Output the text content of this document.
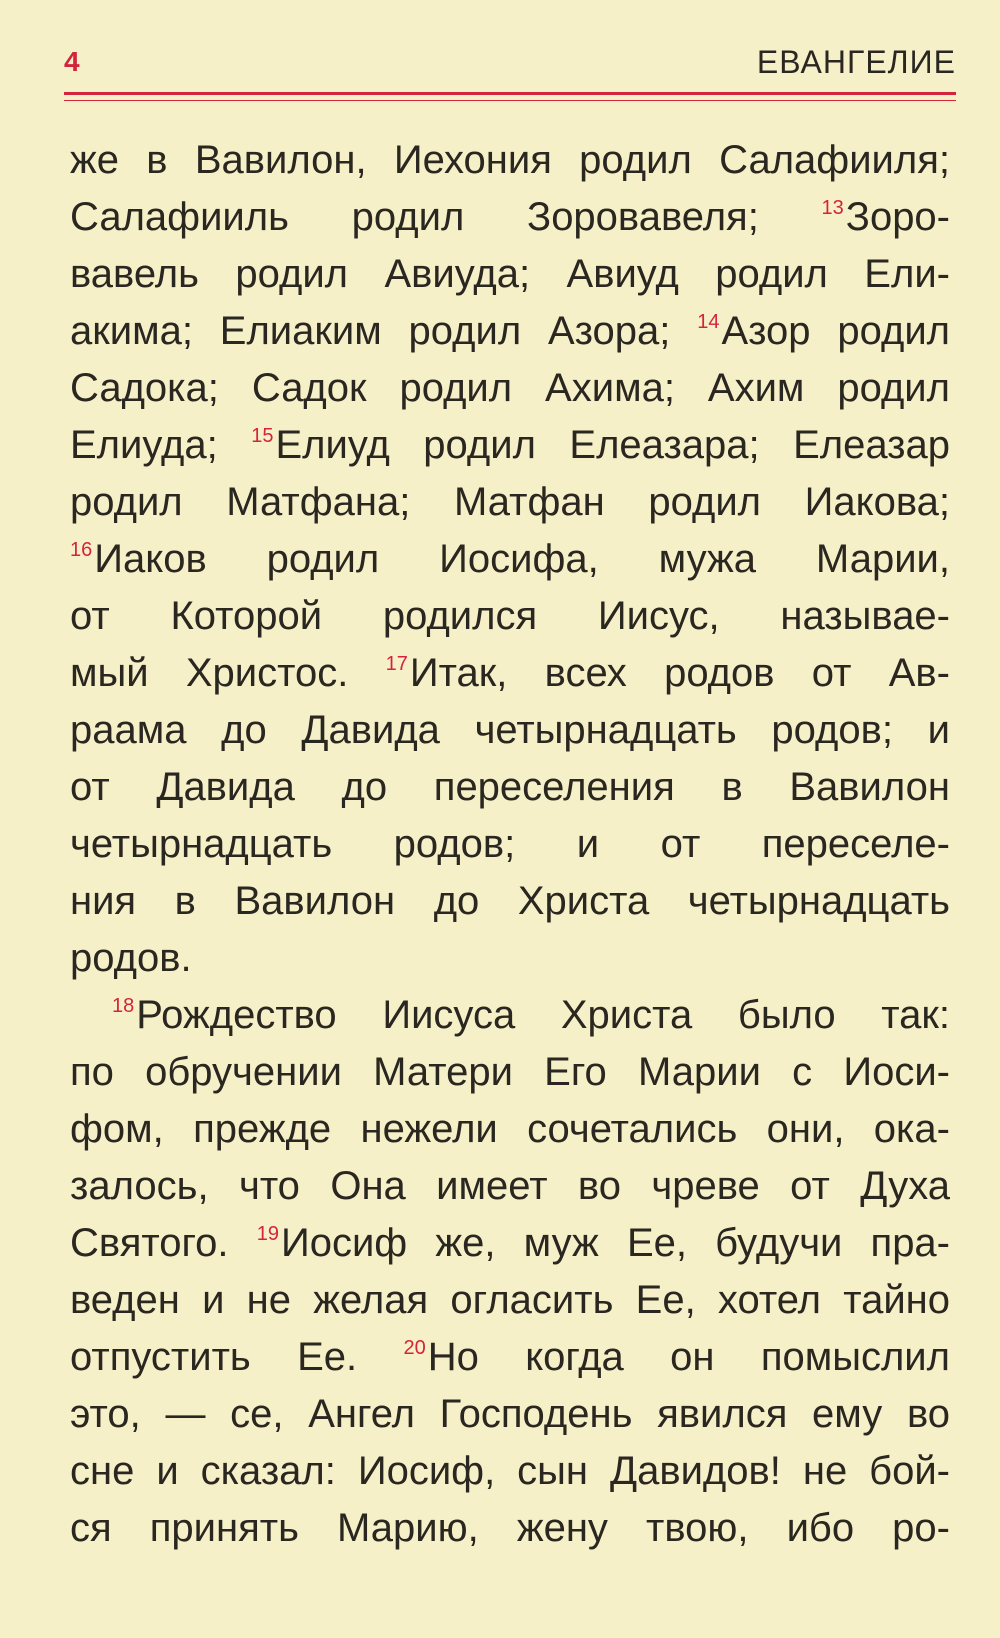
4	ЕВАНГЕЛИЕ
же в Вавилон, Иехония родил Салафииля;
Салафииль родил Зоровавеля; $^{13}$Зоро-
вавель родил Авиуда; Авиуд родил Ели-
акима; Елиаким родил Азора; $^{14}$Азор родил
Садока; Садок родил Ахима; Ахим родил
Елиуда; $^{15}$Елиуд родил Елеазара; Елеазар
родил Матфана; Матфан родил Иакова;
$^{16}$Иаков родил Иосифа, мужа Марии,
от Которой родился Иисус, называе-
мый Христос. $^{17}$Итак, всех родов от Ав-
раама до Давида четырнадцать родов; и
от Давида до переселения в Вавилон
четырнадцать родов; и от переселе-
ния в Вавилон до Христа четырнадцать
родов.
$^{18}$Рождество Иисуса Христа было так:
по обручении Матери Его Марии с Иоси-
фом, прежде нежели сочетались они, ока-
залось, что Она имеет во чреве от Духа
Святого. $^{19}$Иосиф же, муж Ее, будучи пра-
веден и не желая огласить Ее, хотел тайно
отпустить Ее. $^{20}$Но когда он помыслил
это, — се, Ангел Господень явился ему во
сне и сказал: Иосиф, сын Давидов! не бой-
ся принять Марию, жену твою, ибо ро-
